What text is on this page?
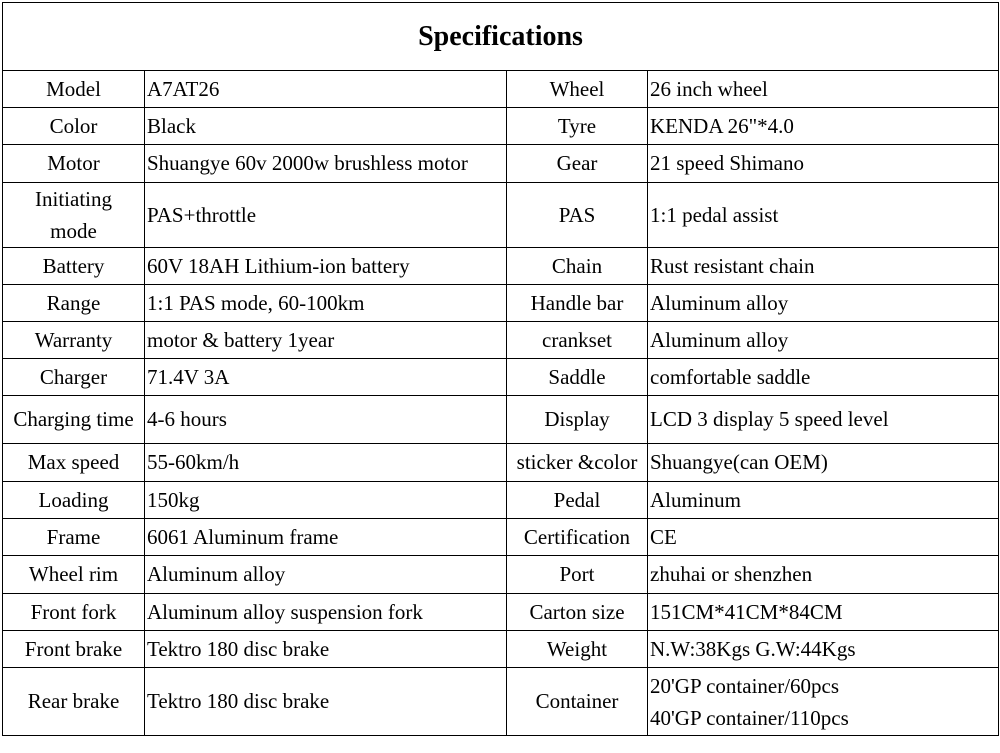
Specifications			
Model	A7AT26	Wheel	26 inch wheel
Color	Black	Tyre	KENDA 26"*4.0
Motor	Shuangye 60v 2000w brushless motor	Gear	21 speed Shimano

Initiating
mode	PAS+throttle	PAS	1:1 pedal assist
Battery	60V 18AH Lithium-ion battery	Chain	Rust resistant chain
Range	1:1 PAS mode, 60-100km	Handle bar	Aluminum alloy
Warranty	motor & battery 1year	crankset	Aluminum alloy
Charger	71.4V 3A	Saddle	comfortable saddle
Charging time	4-6 hours	Display	LCD 3 display 5 speed level
Max speed	55-60km/h	sticker &color	Shuangye(can OEM)
Loading	150kg	Pedal	Aluminum
Frame	6061 Aluminum frame	Certification	CE
Wheel rim	Aluminum alloy	Port	zhuhai or shenzhen
Front fork	Aluminum alloy suspension fork	Carton size	151CM*41CM*84CM
Front brake	Tektro 180 disc brake	Weight	N.W:38Kgs G.W:44Kgs
Rear brake	Tektro 180 disc brake	Container	20'GP container/60pcs
40'GP container/110pcs
